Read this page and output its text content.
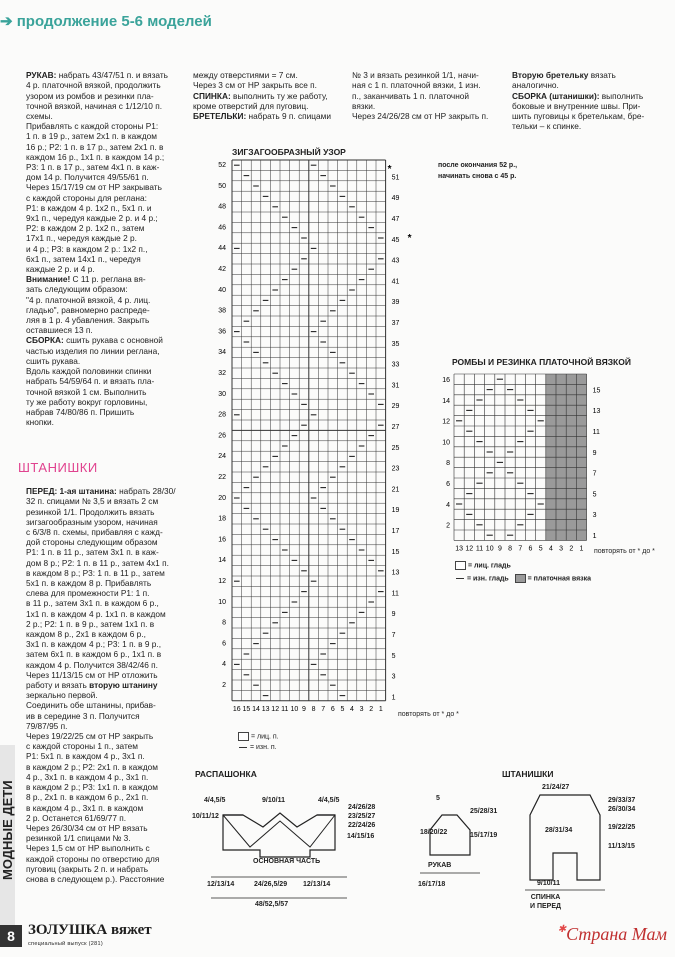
➔ продолжение 5-6 моделей

РУКАВ: набрать 43/47/51 п. и вязать
4 р. платочной вязкой, продолжить
узором из ромбов и резинки пла-
точной вязкой, начиная с 1/12/10 п.
схемы.
Прибавлять с каждой стороны Р1:
1 п. в 19 р., затем 2х1 п. в каждом
16 р.; Р2: 1 п. в 17 р., затем 2х1 п. в
каждом 16 р., 1х1 п. в каждом 14 р.;
Р3: 1 п. в 17 р., затем 4х1 п. в каж-
дом 14 р. Получится 49/55/61 п.
Через 15/17/19 см от НР закрывать
с каждой стороны для реглана:
Р1: в каждом 4 р. 1х2 п., 5х1 п. и
9х1 п., чередуя каждые 2 р. и 4 р.;
Р2: в каждом 2 р. 1х2 п., затем
17х1 п., чередуя каждые 2 р.
и 4 р.; Р3: в каждом 2 р.: 1х2 п.,
6х1 п., затем 14х1 п., чередуя
каждые 2 р. и 4 р.
Внимание! С 11 р. реглана вя-
зать следующим образом:
"4 р. платочной вязкой, 4 р. лиц.
гладью", равномерно распреде-
ляя в 1 р. 4 убавления. Закрыть
оставшиеся 13 п.
СБОРКА: сшить рукава с основной
частью изделия по линии реглана,
сшить рукава.
Вдоль каждой половинки спинки
набрать 54/59/64 п. и вязать пла-
точной вязкой 1 см. Выполнить
ту же работу вокруг горловины,
набрав 74/80/86 п. Пришить
кнопки.

ШТАНИШКИ

ПЕРЕД: 1-ая штанина: набрать 28/30/
32 п. спицами № 3,5 и вязать 2 см
резинкой 1/1. Продолжить вязать
зигзагообразным узором, начиная
с 6/3/8 п. схемы, прибавляя с кажд-
дой стороны следующим образом
Р1: 1 п. в 11 р., затем 3х1 п. в каж-
дом 8 р.; Р2: 1 п. в 11 р., затем 4х1 п.
в каждом 8 р.; Р3: 1 п. в 11 р., затем
5х1 п. в каждом 8 р. Прибавлять
слева для промежности Р1: 1 п.
в 11 р., затем 3х1 п. в каждом 6 р.,
1х1 п. в каждом 4 р. 1х1 п. в каждом
2 р.; Р2: 1 п. в 9 р., затем 1х1 п. в
каждом 8 р., 2х1 в каждом 6 р.,
3х1 п. в каждом 4 р.; Р3: 1 п. в 9 р.,
затем 6х1 п. в каждом 6 р., 1х1 п. в
каждом 4 р. Получится 38/42/46 п.
Через 11/13/15 см от НР отложить
работу и вязать вторую штанину
зеркально первой.
Соединить обе штанины, прибав-
ив в середине 3 п. Получится
79/87/95 п.
Через 19/22/25 см от НР закрыть
с каждой стороны 1 п., затем
Р1: 5х1 п. в каждом 4 р., 3х1 п.
в каждом 2 р.; Р2: 2х1 п. в каждом
4 р., 3х1 п. в каждом 4 р., 3х1 п.
в каждом 2 р.; Р3: 1х1 п. в каждом
8 р., 2х1 п. в каждом 6 р., 2х1 п.
в каждом 4 р., 3х1 п. в каждом
2 р. Останется 61/69/77 п.
Через 26/30/34 см от НР вязать
резинкой 1/1 спицами № 3.
Через 1,5 см от НР выполнить с
каждой стороны по отверстию для
пуговиц (закрыть 2 п. и набрать
снова в следующем р.). Расстояние

между отверстиями = 7 см.
Через 3 см от НР закрыть все п.
СПИНКА: выполнить ту же работу,
кроме отверстий для пуговиц.
БРЕТЕЛЬКИ: набрать 9 п. спицами

№ 3 и вязать резинкой 1/1, начи-
ная с 1 п. платочной вязки, 1 изн.
п., заканчивать 1 п. платочной
вязки.
Через 24/26/28 см от НР закрыть п.

Вторую бретельку вязать аналогично.
СБОРКА (штанишки): выполнить
боковые и внутренние швы. При-
шить пуговицы к бретелькам, бре-
тельки – к спинке.

ЗИГЗАГООБРАЗНЫЙ УЗОР
52
50
48
46
44
42
40
38
36
34
32
30
28
26
24
22
20
18
16
14
12
10
8
6
4
2
51
49
47
45
43
41
39
37
35
33
31
29
27
25
23
21
19
17
15
13
11
9
7
5
3
1
16 15 14 13 12 11 10 9 8 7 6 5 4 3 2 1
*
*
после окончания 52 р.,
начинать снова с 45 р.
повторять от * до *
= лиц. п.
= изн. п.
РОМБЫ И РЕЗИНКА ПЛАТОЧНОЙ ВЯЗКОЙ
16
14
12
10
8
6
4
2
15
13
11
9
7
5
3
1
13 12 11 10 9 8 7 6 5 4 3 2 1 повторять от * до *
= лиц. гладь
= изн. гладь	= платочная вязка
РАСПАШОНКА
4/4,5/5	9/10/11	4/4,5/5
24/26/28
23/25/27
22/24/26
14/15/16
10/11/12
ОСНОВНАЯ ЧАСТЬ
12/13/14	24/26,5/29 12/13/14
48/52,5/57
5
25/28/31
18/20/22	15/17/19
РУКАВ
16/17/18
ШТАНИШКИ
21/24/27
29/33/37
26/30/34
28/31/34	19/22/25
11/13/15
9/10/11
СПИНКА
И ПЕРЕД
МОДНЫЕ ДЕТИ
8 ЗОЛУШКА вяжет
специальный выпуск (281)
✱Страна Мам
